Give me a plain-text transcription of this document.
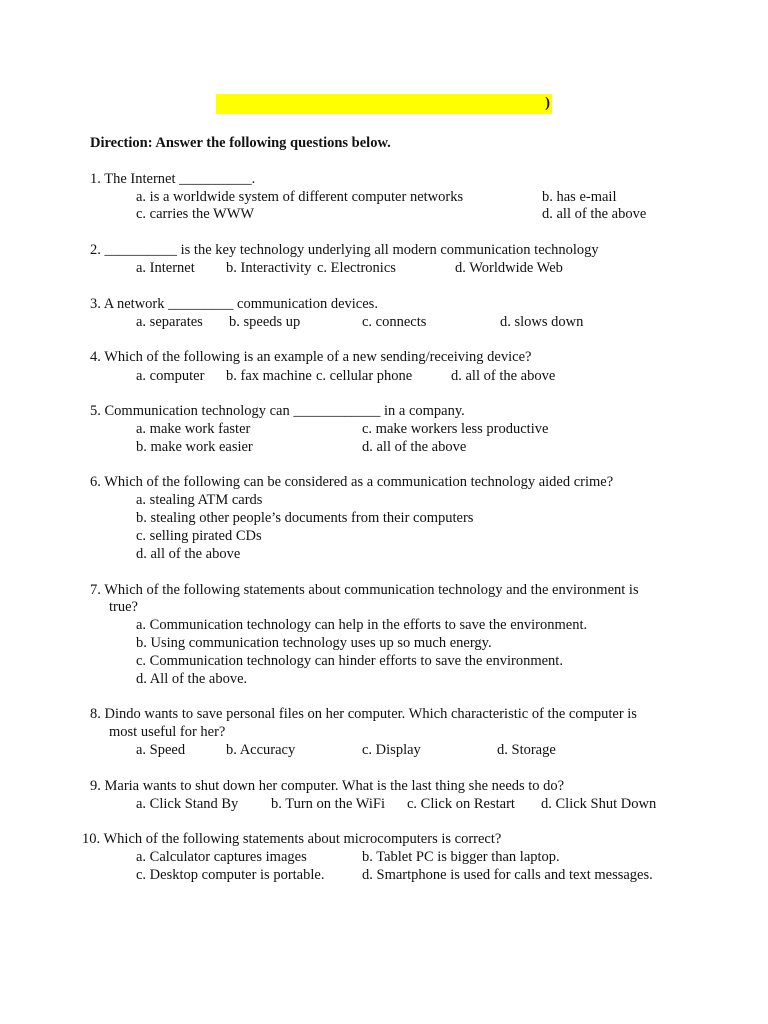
)
Direction: Answer the following questions below.
1. The Internet __________.
a. is a worldwide system of different computer networks	b. has e-mail
c. carries the WWW	d. all of the above
2. __________ is the key technology underlying all modern communication technology
a. Internet b. Interactivity c. Electronics	d. Worldwide Web
3. A network _________ communication devices.
a. separates b. speeds up	c. connects	d. slows down
4. Which of the following is an example of a new sending/receiving device?
a. computer b. fax machine c. cellular phone	d. all of the above
5. Communication technology can ____________ in a company.
a. make work faster	c. make workers less productive
b. make work easier	d. all of the above
6. Which of the following can be considered as a communication technology aided crime?
a. stealing ATM cards
b. stealing other people’s documents from their computers
c. selling pirated CDs
d. all of the above
7. Which of the following statements about communication technology and the environment is
true?
a. Communication technology can help in the efforts to save the environment.
b. Using communication technology uses up so much energy.
c. Communication technology can hinder efforts to save the environment.
d. All of the above.
8. Dindo wants to save personal files on her computer. Which characteristic of the computer is
most useful for her?
a. Speed	b. Accuracy	c. Display	d. Storage
9. Maria wants to shut down her computer. What is the last thing she needs to do?
a. Click Stand By b. Turn on the WiFi c. Click on Restart d. Click Shut Down
10. Which of the following statements about microcomputers is correct?
a. Calculator captures images	b. Tablet PC is bigger than laptop.
c. Desktop computer is portable.	d. Smartphone is used for calls and text messages.
